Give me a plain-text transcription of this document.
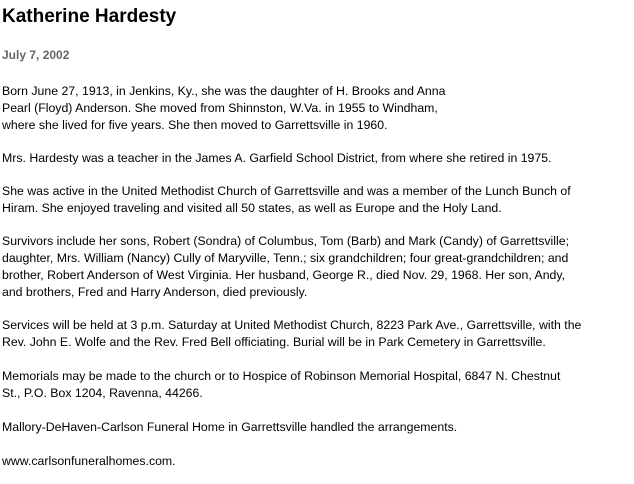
Katherine Hardesty
July 7, 2002

Born June 27, 1913, in Jenkins, Ky., she was the daughter of H. Brooks and Anna
Pearl (Floyd) Anderson. She moved from Shinnston, W.Va. in 1955 to Windham,
where she lived for five years. She then moved to Garrettsville in 1960.

Mrs. Hardesty was a teacher in the James A. Garfield School District, from where she retired in 1975.

She was active in the United Methodist Church of Garrettsville and was a member of the Lunch Bunch of
Hiram. She enjoyed traveling and visited all 50 states, as well as Europe and the Holy Land.

Survivors include her sons, Robert (Sondra) of Columbus, Tom (Barb) and Mark (Candy) of Garrettsville;
daughter, Mrs. William (Nancy) Cully of Maryville, Tenn.; six grandchildren; four great-grandchildren; and
brother, Robert Anderson of West Virginia. Her husband, George R., died Nov. 29, 1968. Her son, Andy,
and brothers, Fred and Harry Anderson, died previously.

Services will be held at 3 p.m. Saturday at United Methodist Church, 8223 Park Ave., Garrettsville, with the
Rev. John E. Wolfe and the Rev. Fred Bell officiating. Burial will be in Park Cemetery in Garrettsville.

Memorials may be made to the church or to Hospice of Robinson Memorial Hospital, 6847 N. Chestnut
St., P.O. Box 1204, Ravenna, 44266.

Mallory-DeHaven-Carlson Funeral Home in Garrettsville handled the arrangements.

www.carlsonfuneralhomes.com.
